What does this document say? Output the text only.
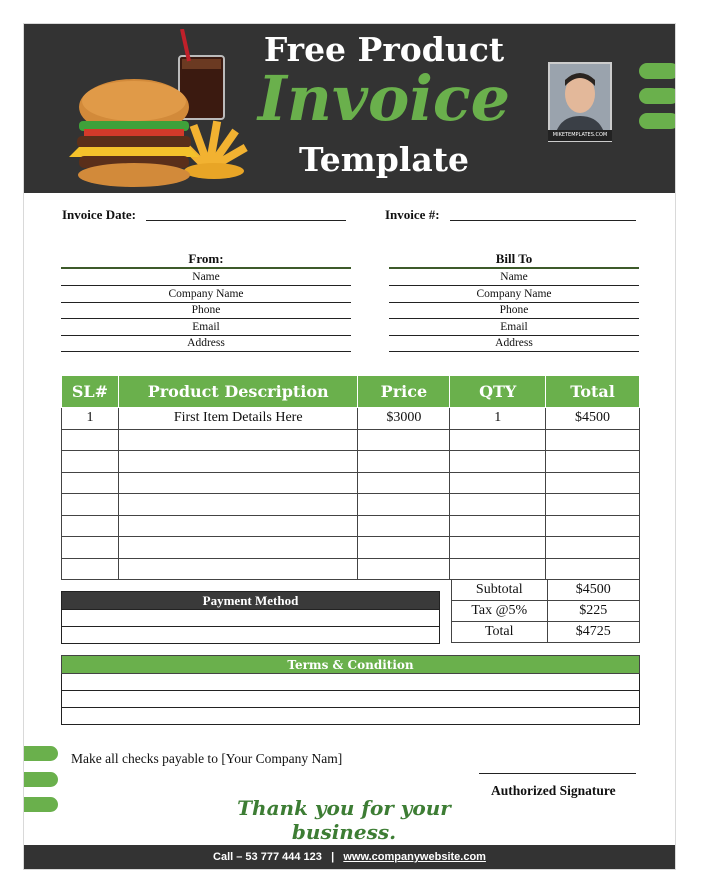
Free Product
Invoice
Template
MIKETEMPLATES.COM
Invoice Date:	Invoice #:
From:
Name
Company Name
Phone
Email
Address
Bill To
Name
Company Name
Phone
Email
Address
SL#	Product Description	Price	QTY	Total
1	First Item Details Here	$3000	1	$4500

Payment Method

Subtotal	$4500
Tax @5%	$225
Total	$4725
Terms & Condition

Make all checks payable to [Your Company Nam]
Authorized Signature
Thank you for your business.
Call – 53 777 444 123 | www.companywebsite.com
